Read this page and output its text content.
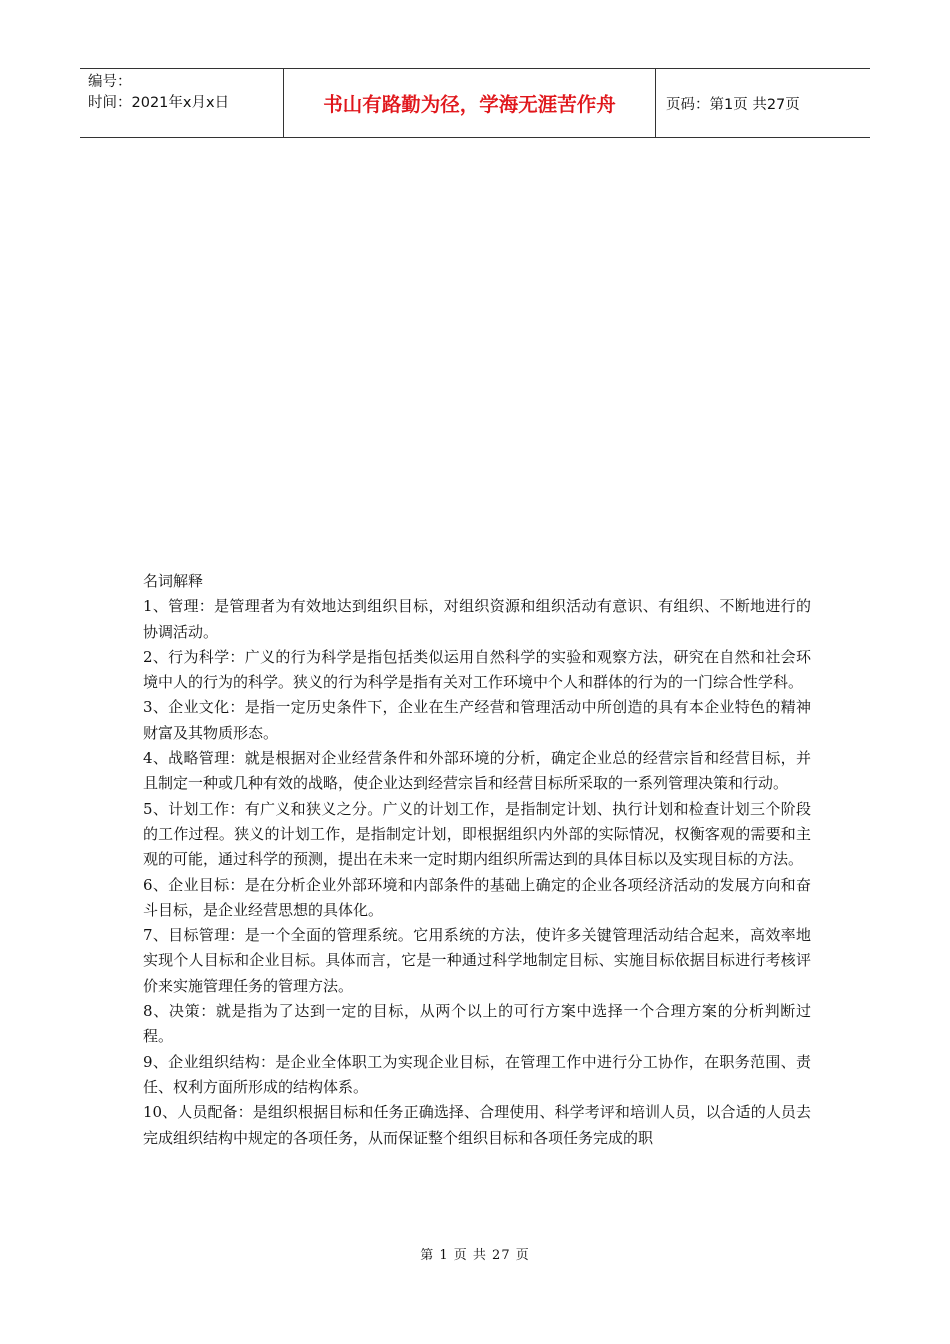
编号：
时间：2021年x月x日	书山有路勤为径，学海无涯苦作舟	页码：第1页 共27页

名词解释

1、管理：是管理者为有效地达到组织目标，对组织资源和组织活动有意识、有组织、不断地进行的协调活动。

2、行为科学：广义的行为科学是指包括类似运用自然科学的实验和观察方法，研究在自然和社会环境中人的行为的科学。狭义的行为科学是指有关对工作环境中个人和群体的行为的一门综合性学科。

3、企业文化：是指一定历史条件下，企业在生产经营和管理活动中所创造的具有本企业特色的精神财富及其物质形态。

4、战略管理：就是根据对企业经营条件和外部环境的分析，确定企业总的经营宗旨和经营目标，并且制定一种或几种有效的战略，使企业达到经营宗旨和经营目标所采取的一系列管理决策和行动。

5、计划工作：有广义和狭义之分。广义的计划工作，是指制定计划、执行计划和检查计划三个阶段的工作过程。狭义的计划工作，是指制定计划，即根据组织内外部的实际情况，权衡客观的需要和主观的可能，通过科学的预测，提出在未来一定时期内组织所需达到的具体目标以及实现目标的方法。

6、企业目标：是在分析企业外部环境和内部条件的基础上确定的企业各项经济活动的发展方向和奋斗目标，是企业经营思想的具体化。

7、目标管理：是一个全面的管理系统。它用系统的方法，使许多关键管理活动结合起来，高效率地实现个人目标和企业目标。具体而言，它是一种通过科学地制定目标、实施目标依据目标进行考核评价来实施管理任务的管理方法。

8、决策：就是指为了达到一定的目标，从两个以上的可行方案中选择一个合理方案的分析判断过程。

9、企业组织结构：是企业全体职工为实现企业目标，在管理工作中进行分工协作，在职务范围、责任、权利方面所形成的结构体系。

10、人员配备：是组织根据目标和任务正确选择、合理使用、科学考评和培训人员，以合适的人员去完成组织结构中规定的各项任务，从而保证整个组织目标和各项任务完成的职

第 1 页 共 27 页
